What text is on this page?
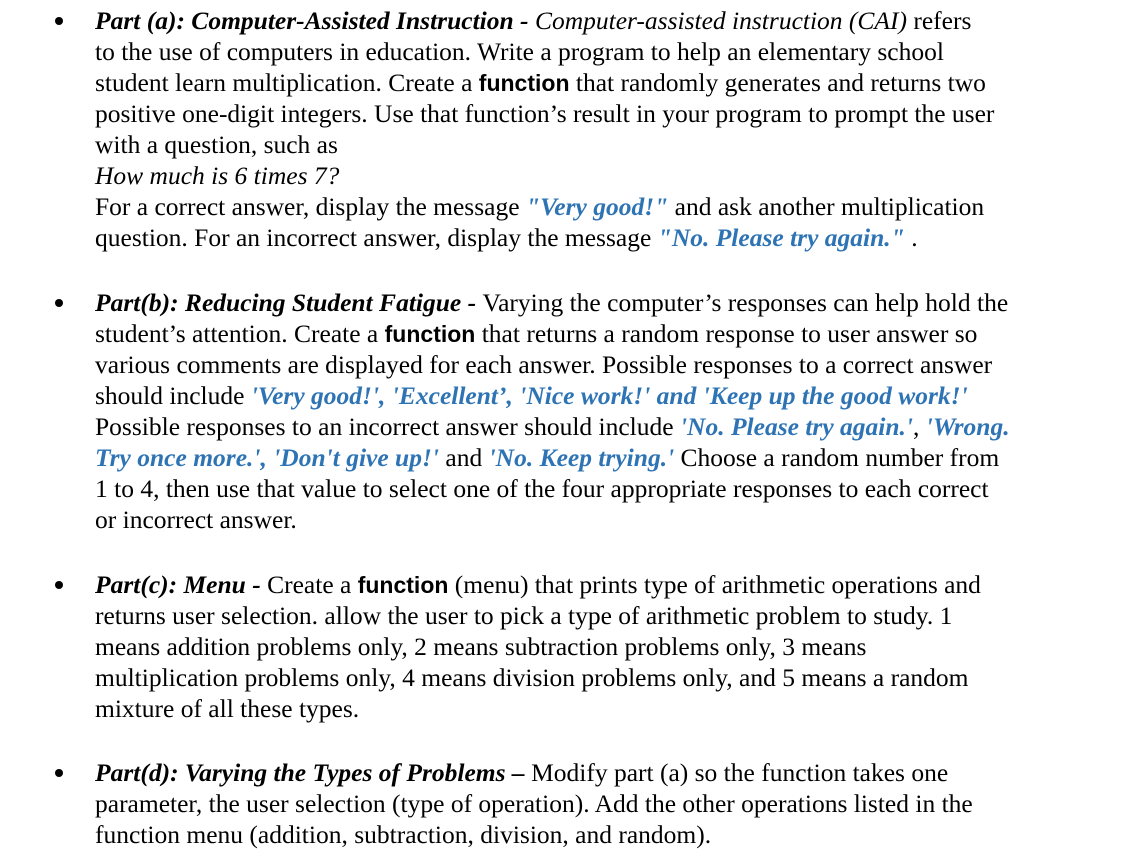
Part (a): Computer-Assisted Instruction - Computer-assisted instruction (CAI) refers
to the use of computers in education. Write a program to help an elementary school
student learn multiplication. Create a function that randomly generates and returns two
positive one-digit integers. Use that function’s result in your program to prompt the user
with a question, such as
How much is 6 times 7?
For a correct answer, display the message "Very good!" and ask another multiplication
question. For an incorrect answer, display the message "No. Please try again." .
Part(b): Reducing Student Fatigue - Varying the computer’s responses can help hold the
student’s attention. Create a function that returns a random response to user answer so
various comments are displayed for each answer. Possible responses to a correct answer
should include 'Very good!', 'Excellent’, 'Nice work!' and 'Keep up the good work!'
Possible responses to an incorrect answer should include 'No. Please try again.', 'Wrong.
Try once more.', 'Don't give up!' and 'No. Keep trying.' Choose a random number from
1 to 4, then use that value to select one of the four appropriate responses to each correct
or incorrect answer.
Part(c): Menu - Create a function (menu) that prints type of arithmetic operations and
returns user selection. allow the user to pick a type of arithmetic problem to study. 1
means addition problems only, 2 means subtraction problems only, 3 means
multiplication problems only, 4 means division problems only, and 5 means a random
mixture of all these types.
Part(d): Varying the Types of Problems – Modify part (a) so the function takes one
parameter, the user selection (type of operation). Add the other operations listed in the
function menu (addition, subtraction, division, and random).
